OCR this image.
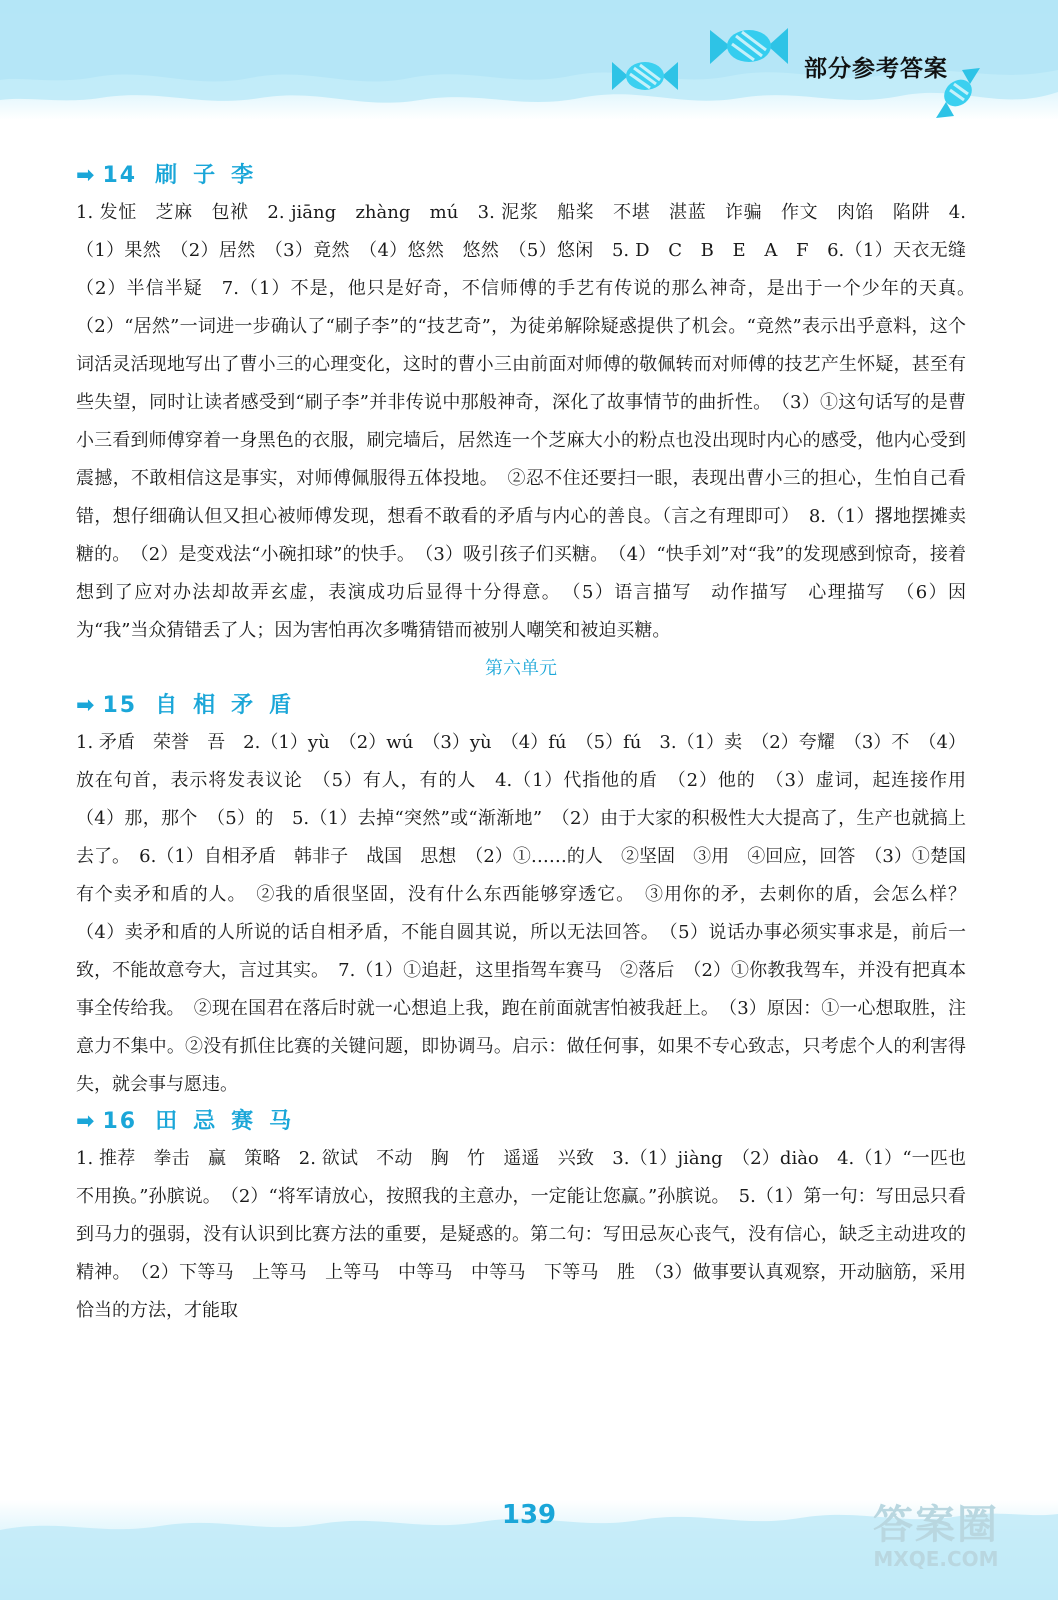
部分参考答案
➡ 14 刷子李

1. 发怔　芝麻　包袱　2. jiāng　zhàng　mú　3. 泥浆　船桨　不堪　湛蓝　诈骗　作文　肉馅　陷阱　4.（1）果然　（2）居然　（3）竟然　（4）悠然　悠然　（5）悠闲　5. D　C　B　E　A　F　6.（1）天衣无缝　（2）半信半疑　7.（1）不是，他只是好奇，不信师傅的手艺有传说的那么神奇，是出于一个少年的天真。　（2）“居然”一词进一步确认了“刷子李”的“技艺奇”，为徒弟解除疑惑提供了机会。“竟然”表示出乎意料，这个词活灵活现地写出了曹小三的心理变化，这时的曹小三由前面对师傅的敬佩转而对师傅的技艺产生怀疑，甚至有些失望，同时让读者感受到“刷子李”并非传说中那般神奇，深化了故事情节的曲折性。　（3）①这句话写的是曹小三看到师傅穿着一身黑色的衣服，刷完墙后，居然连一个芝麻大小的粉点也没出现时内心的感受，他内心受到震撼，不敢相信这是事实，对师傅佩服得五体投地。　②忍不住还要扫一眼，表现出曹小三的担心，生怕自己看错，想仔细确认但又担心被师傅发现，想看不敢看的矛盾与内心的善良。（言之有理即可）　8.（1）撂地摆摊卖糖的。　（2）是变戏法“小碗扣球”的快手。　（3）吸引孩子们买糖。　（4）“快手刘”对“我”的发现感到惊奇，接着想到了应对办法却故弄玄虚，表演成功后显得十分得意。　（5）语言描写　动作描写　心理描写　（6）因为“我”当众猜错丢了人；因为害怕再次多嘴猜错而被别人嘲笑和被迫买糖。

第六单元
➡ 15 自相矛盾

1. 矛盾　荣誉　吾　2.（1）yù　（2）wú　（3）yù　（4）fú　（5）fú　3.（1）卖　（2）夸耀　（3）不　（4）放在句首，表示将发表议论　（5）有人，有的人　4.（1）代指他的盾　（2）他的　（3）虚词，起连接作用　（4）那，那个　（5）的　5.（1）去掉“突然”或“渐渐地”　（2）由于大家的积极性大大提高了，生产也就搞上去了。　6.（1）自相矛盾　韩非子　战国　思想　（2）①……的人　②坚固　③用　④回应，回答　（3）①楚国有个卖矛和盾的人。　②我的盾很坚固，没有什么东西能够穿透它。　③用你的矛，去刺你的盾，会怎么样？　（4）卖矛和盾的人所说的话自相矛盾，不能自圆其说，所以无法回答。　（5）说话办事必须实事求是，前后一致，不能故意夸大，言过其实。　7.（1）①追赶，这里指驾车赛马　②落后　（2）①你教我驾车，并没有把真本事全传给我。　②现在国君在落后时就一心想追上我，跑在前面就害怕被我赶上。　（3）原因：①一心想取胜，注意力不集中。②没有抓住比赛的关键问题，即协调马。启示：做任何事，如果不专心致志，只考虑个人的利害得失，就会事与愿违。

➡ 16 田忌赛马

1. 推荐　拳击　赢　策略　2. 欲试　不动　胸　竹　遥遥　兴致　3.（1）jiàng　（2）diào　4.（1）“一匹也不用换。”孙膑说。　（2）“将军请放心，按照我的主意办，一定能让您赢。”孙膑说。　5.（1）第一句：写田忌只看到马力的强弱，没有认识到比赛方法的重要，是疑惑的。第二句：写田忌灰心丧气，没有信心，缺乏主动进攻的精神。　（2）下等马　上等马　上等马　中等马　中等马　下等马　胜　（3）做事要认真观察，开动脑筋，采用恰当的方法，才能取

139	答案圈
MXQE.COM
